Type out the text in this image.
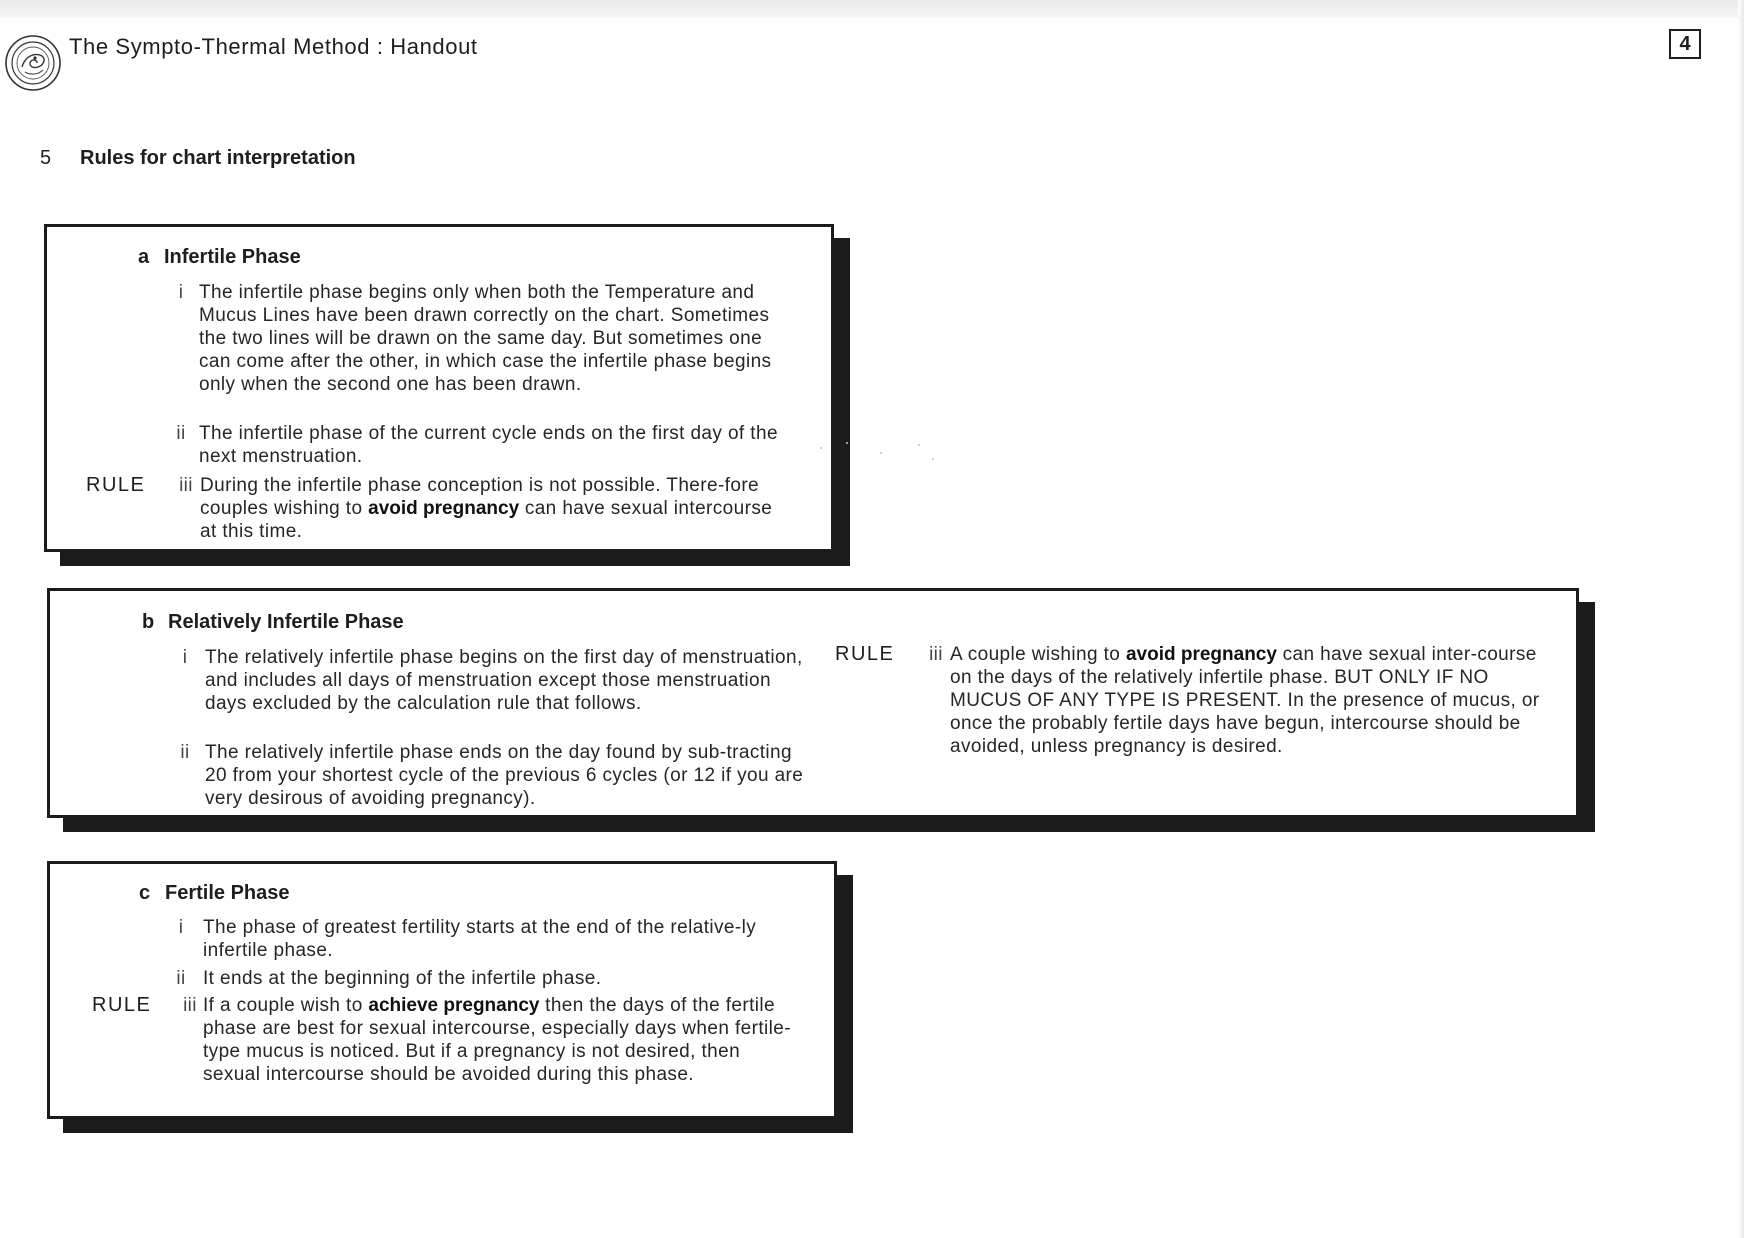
The Sympto-Thermal Method : Handout	4
5 Rules for chart interpretation
a Infertile Phase
i The infertile phase begins only when both the Temperature and Mucus Lines have been drawn correctly on the chart. Sometimes the two lines will be drawn on the same day. But sometimes one can come after the other, in which case the infertile phase begins only when the second one has been drawn.
ii The infertile phase of the current cycle ends on the first day of the next menstruation.
RULE	iii During the infertile phase conception is not possible. There-fore couples wishing to avoid pregnancy can have sexual intercourse at this time.
b Relatively Infertile Phase
i The relatively infertile phase begins on the first day of menstruation, and includes all days of menstruation except those menstruation days excluded by the calculation rule that follows.
ii The relatively infertile phase ends on the day found by sub-tracting 20 from your shortest cycle of the previous 6 cycles (or 12 if you are very desirous of avoiding pregnancy).
RULE	iii A couple wishing to avoid pregnancy can have sexual inter-course on the days of the relatively infertile phase. BUT ONLY IF NO MUCUS OF ANY TYPE IS PRESENT. In the presence of mucus, or once the probably fertile days have begun, intercourse should be avoided, unless pregnancy is desired.
c Fertile Phase
i	The phase of greatest fertility starts at the end of the relative-ly infertile phase.
ii It ends at the beginning of the infertile phase.
RULE	iii If a couple wish to achieve pregnancy then the days of the fertile phase are best for sexual intercourse, especially days when fertile-type mucus is noticed. But if a pregnancy is not desired, then sexual intercourse should be avoided during this phase.
